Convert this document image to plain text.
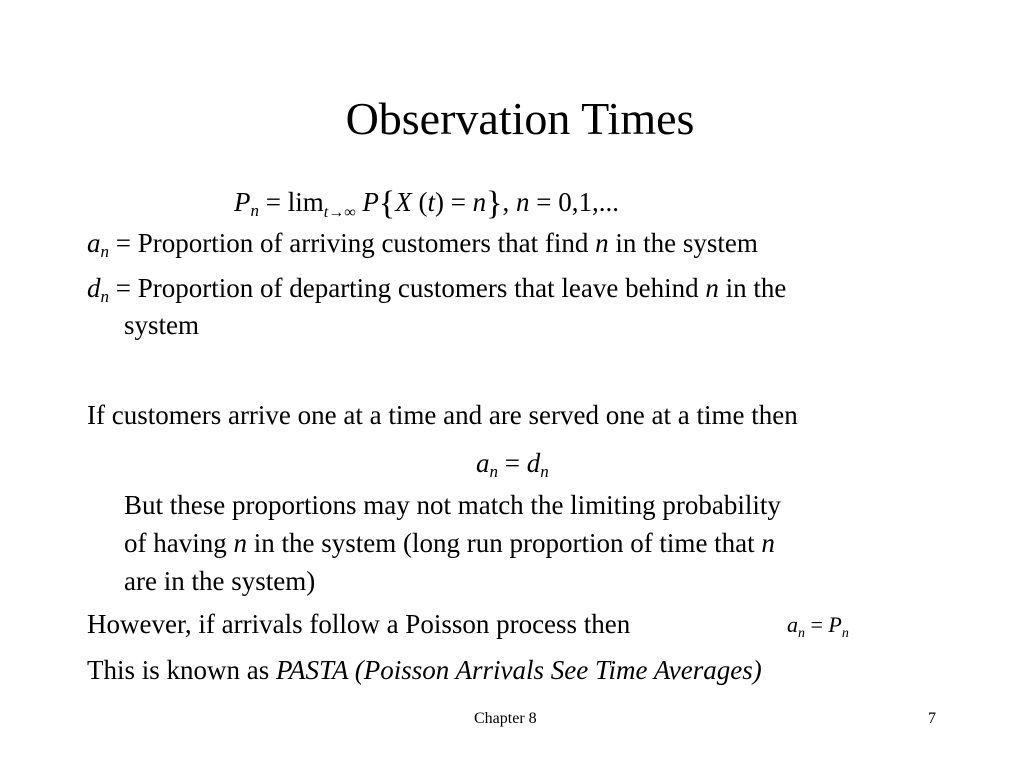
Observation Times
$P_n = \lim_{t\to\infty} P\{X$ (t) = n}, n = 0,1,...
$a_n$ = Proportion of arriving customers that find n in the system
$d_n$ = Proportion of departing customers that leave behind n in the
system
If customers arrive one at a time and are served one at a time then
$a_n = d_n$
But these proportions may not match the limiting probability
of having n in the system (long run proportion of time that n
are in the system)
However, if arrivals follow a Poisson process then	$a_n = P_n$
This is known as PASTA (Poisson Arrivals See Time Averages)
Chapter 8	7
